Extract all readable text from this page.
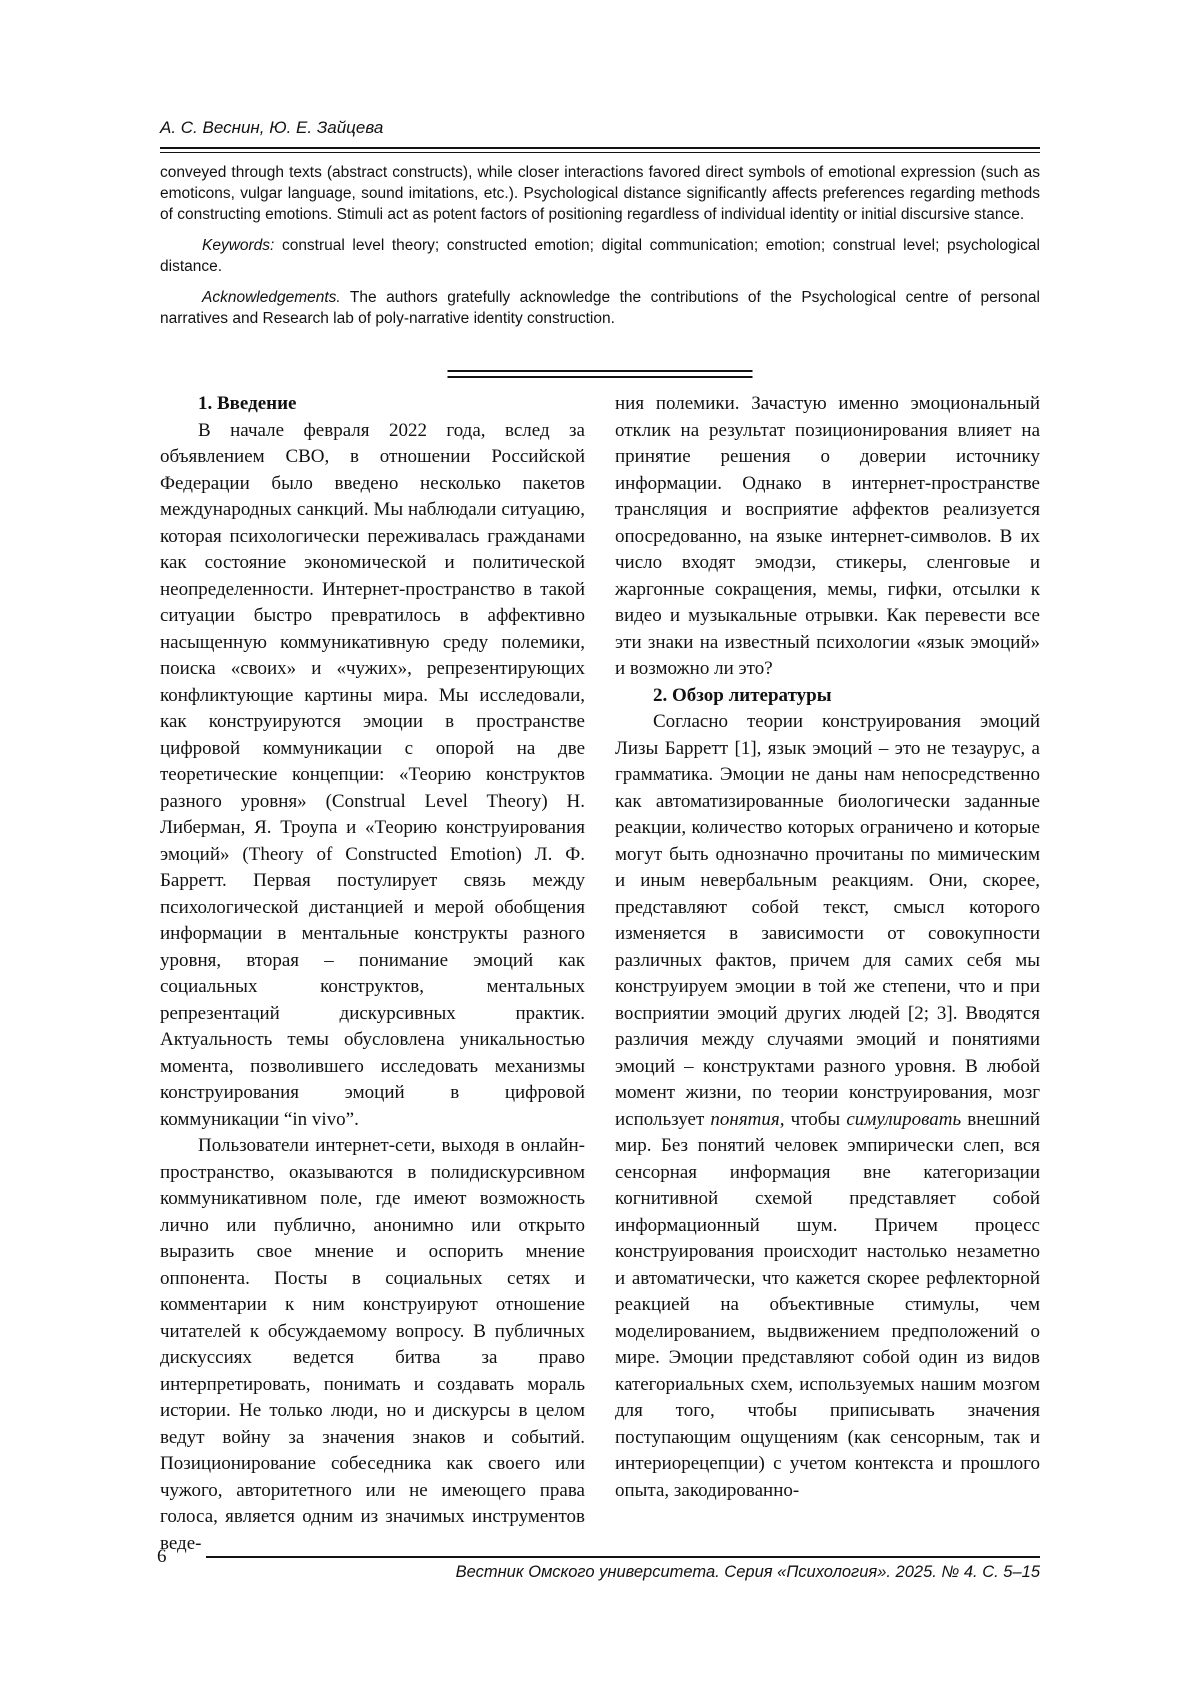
А. С. Веснин, Ю. Е. Зайцева

conveyed through texts (abstract constructs), while closer interactions favored direct symbols of emotional expression (such as emoticons, vulgar language, sound imitations, etc.). Psychological distance significantly affects preferences regarding methods of constructing emotions. Stimuli act as potent factors of positioning regardless of individual identity or initial discursive stance.

Keywords: construal level theory; constructed emotion; digital communication; emotion; construal level; psychological distance.

Acknowledgements. The authors gratefully acknowledge the contributions of the Psychological centre of personal narratives and Research lab of poly-narrative identity construction.

1. Введение

В начале февраля 2022 года, вслед за объявлением СВО, в отношении Российской Федерации было введено несколько пакетов международных санкций. Мы наблюдали ситуацию, которая психологически переживалась гражданами как состояние экономической и политической неопределенности. Интернет-пространство в такой ситуации быстро превратилось в аффективно насыщенную коммуникативную среду полемики, поиска «своих» и «чужих», репрезентирующих конфликтующие картины мира. Мы исследовали, как конструируются эмоции в пространстве цифровой коммуникации с опорой на две теоретические концепции: «Теорию конструктов разного уровня» (Construal Level Theory) Н. Либерман, Я. Троупа и «Теорию конструирования эмоций» (Theory of Constructed Emotion) Л. Ф. Барретт. Первая постулирует связь между психологической дистанцией и мерой обобщения информации в ментальные конструкты разного уровня, вторая – понимание эмоций как социальных конструктов, ментальных репрезентаций дискурсивных практик. Актуальность темы обусловлена уникальностью момента, позволившего исследовать механизмы конструирования эмоций в цифровой коммуникации “in vivo”.

Пользователи интернет-сети, выходя в онлайн-пространство, оказываются в полидискурсивном коммуникативном поле, где имеют возможность лично или публично, анонимно или открыто выразить свое мнение и оспорить мнение оппонента. Посты в социальных сетях и комментарии к ним конструируют отношение читателей к обсуждаемому вопросу. В публичных дискуссиях ведется битва за право интерпретировать, понимать и создавать мораль истории. Не только люди, но и дискурсы в целом ведут войну за значения знаков и событий. Позиционирование собеседника как своего или чужого, авторитетного или не имеющего права голоса, является одним из значимых инструментов веде-

ния полемики. Зачастую именно эмоциональный отклик на результат позиционирования влияет на принятие решения о доверии источнику информации. Однако в интернет-пространстве трансляция и восприятие аффектов реализуется опосредованно, на языке интернет-символов. В их число входят эмодзи, стикеры, сленговые и жаргонные сокращения, мемы, гифки, отсылки к видео и музыкальные отрывки. Как перевести все эти знаки на известный психологии «язык эмоций» и возможно ли это?

2. Обзор литературы

Согласно теории конструирования эмоций Лизы Барретт [1], язык эмоций – это не тезаурус, а грамматика. Эмоции не даны нам непосредственно как автоматизированные биологически заданные реакции, количество которых ограничено и которые могут быть однозначно прочитаны по мимическим и иным невербальным реакциям. Они, скорее, представляют собой текст, смысл которого изменяется в зависимости от совокупности различных фактов, причем для самих себя мы конструируем эмоции в той же степени, что и при восприятии эмоций других людей [2; 3]. Вводятся различия между случаями эмоций и понятиями эмоций – конструктами разного уровня. В любой момент жизни, по теории конструирования, мозг использует понятия, чтобы симулировать внешний мир. Без понятий человек эмпирически слеп, вся сенсорная информация вне категоризации когнитивной схемой представляет собой информационный шум. Причем процесс конструирования происходит настолько незаметно и автоматически, что кажется скорее рефлекторной реакцией на объективные стимулы, чем моделированием, выдвижением предположений о мире. Эмоции представляют собой один из видов категориальных схем, используемых нашим мозгом для того, чтобы приписывать значения поступающим ощущениям (как сенсорным, так и интериорецепции) с учетом контекста и прошлого опыта, закодированно-

6
Вестник Омского университета. Серия «Психология». 2025. № 4. С. 5–15
